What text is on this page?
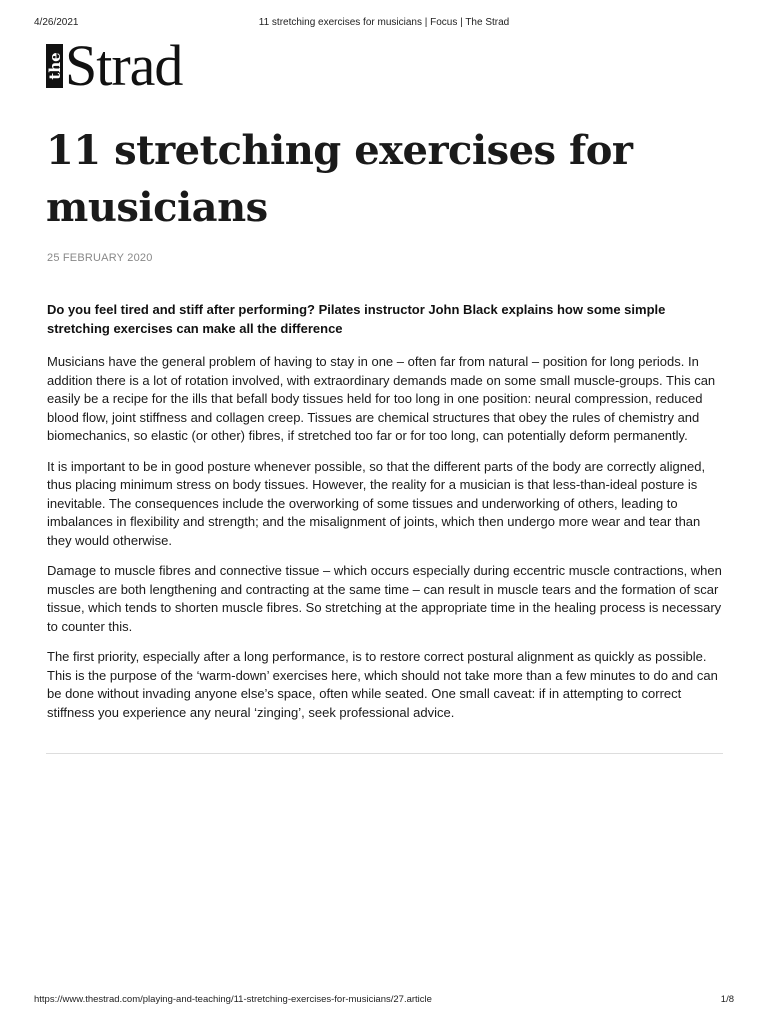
4/26/2021	11 stretching exercises for musicians | Focus | The Strad
the Strad
11 stretching exercises for musicians
25 FEBRUARY 2020

Do you feel tired and stiff after performing? Pilates instructor John Black explains how some simple stretching exercises can make all the difference

Musicians have the general problem of having to stay in one – often far from natural – position for long periods. In addition there is a lot of rotation involved, with extraordinary demands made on some small muscle-groups. This can easily be a recipe for the ills that befall body tissues held for too long in one position: neural compression, reduced blood flow, joint stiffness and collagen creep. Tissues are chemical structures that obey the rules of chemistry and biomechanics, so elastic (or other) fibres, if stretched too far or for too long, can potentially deform permanently.

It is important to be in good posture whenever possible, so that the different parts of the body are correctly aligned, thus placing minimum stress on body tissues. However, the reality for a musician is that less-than-ideal posture is inevitable. The consequences include the overworking of some tissues and underworking of others, leading to imbalances in flexibility and strength; and the misalignment of joints, which then undergo more wear and tear than they would otherwise.

Damage to muscle fibres and connective tissue – which occurs especially during eccentric muscle contractions, when muscles are both lengthening and contracting at the same time – can result in muscle tears and the formation of scar tissue, which tends to shorten muscle fibres. So stretching at the appropriate time in the healing process is necessary to counter this.

The first priority, especially after a long performance, is to restore correct postural alignment as quickly as possible. This is the purpose of the ‘warm-down’ exercises here, which should not take more than a few minutes to do and can be done without invading anyone else’s space, often while seated. One small caveat: if in attempting to correct stiffness you experience any neural ‘zinging’, seek professional advice.

https://www.thestrad.com/playing-and-teaching/11-stretching-exercises-for-musicians/27.article	1/8
